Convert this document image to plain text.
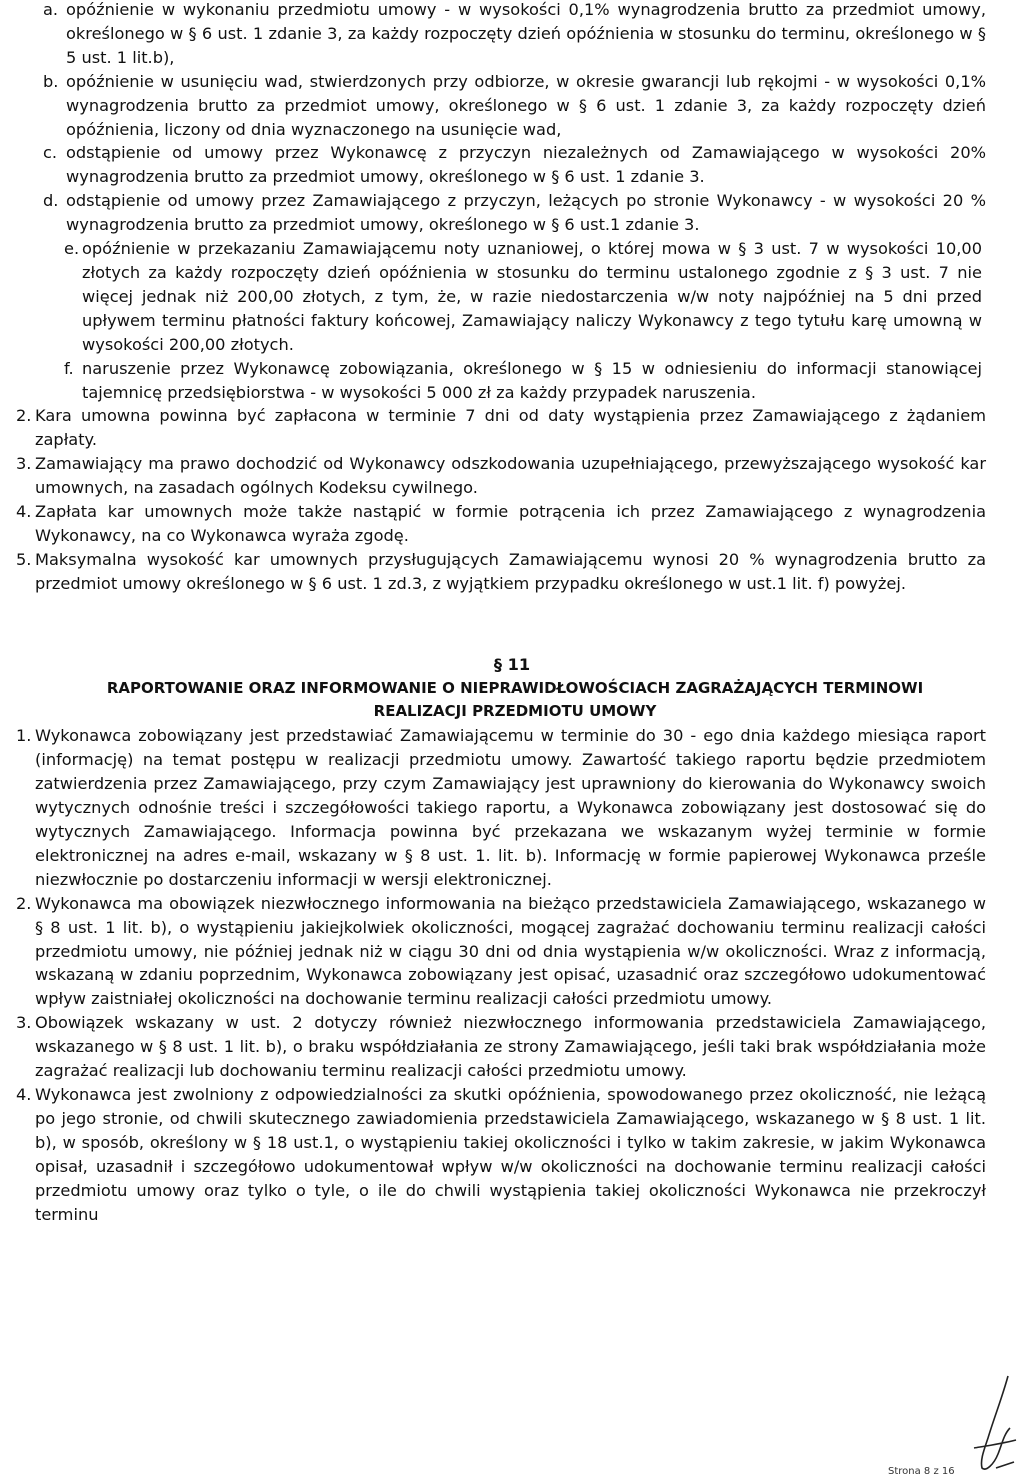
a. opóźnienie w wykonaniu przedmiotu umowy - w wysokości 0,1% wynagrodzenia brutto za przedmiot umowy, określonego w § 6 ust. 1 zdanie 3, za każdy rozpoczęty dzień opóźnienia w stosunku do terminu, określonego w § 5 ust. 1 lit.b),

b. opóźnienie w usunięciu wad, stwierdzonych przy odbiorze, w okresie gwarancji lub rękojmi - w wysokości 0,1% wynagrodzenia brutto za przedmiot umowy, określonego w § 6 ust. 1 zdanie 3, za każdy rozpoczęty dzień opóźnienia, liczony od dnia wyznaczonego na usunięcie wad,

c. odstąpienie od umowy przez Wykonawcę z przyczyn niezależnych od Zamawiającego w wysokości 20% wynagrodzenia brutto za przedmiot umowy, określonego w § 6 ust. 1 zdanie 3.

d. odstąpienie od umowy przez Zamawiającego z przyczyn, leżących po stronie Wykonawcy - w wysokości 20 % wynagrodzenia brutto za przedmiot umowy, określonego w § 6 ust.1 zdanie 3.

e. opóźnienie w przekazaniu Zamawiającemu noty uznaniowej, o której mowa w § 3 ust. 7 w wysokości 10,00 złotych za każdy rozpoczęty dzień opóźnienia w stosunku do terminu ustalonego zgodnie z § 3 ust. 7 nie więcej jednak niż 200,00 złotych, z tym, że, w razie niedostarczenia w/w noty najpóźniej na 5 dni przed upływem terminu płatności faktury końcowej, Zamawiający naliczy Wykonawcy z tego tytułu karę umowną w wysokości 200,00 złotych.

f. naruszenie przez Wykonawcę zobowiązania, określonego w § 15 w odniesieniu do informacji stanowiącej tajemnicę przedsiębiorstwa - w wysokości 5 000 zł za każdy przypadek naruszenia.

2. Kara umowna powinna być zapłacona w terminie 7 dni od daty wystąpienia przez Zamawiającego z żądaniem zapłaty.

3. Zamawiający ma prawo dochodzić od Wykonawcy odszkodowania uzupełniającego, przewyższającego wysokość kar umownych, na zasadach ogólnych Kodeksu cywilnego.

4. Zapłata kar umownych może także nastąpić w formie potrącenia ich przez Zamawiającego z wynagrodzenia Wykonawcy, na co Wykonawca wyraża zgodę.

5. Maksymalna wysokość kar umownych przysługujących Zamawiającemu wynosi 20 % wynagrodzenia brutto za przedmiot umowy określonego w § 6 ust. 1 zd.3, z wyjątkiem przypadku określonego w ust.1 lit. f) powyżej.

§ 11
RAPORTOWANIE ORAZ INFORMOWANIE O NIEPRAWIDŁOWOŚCIACH ZAGRAŻAJĄCYCH TERMINOWI
REALIZACJI PRZEDMIOTU UMOWY

1. Wykonawca zobowiązany jest przedstawiać Zamawiającemu w terminie do 30 - ego dnia każdego miesiąca raport (informację) na temat postępu w realizacji przedmiotu umowy. Zawartość takiego raportu będzie przedmiotem zatwierdzenia przez Zamawiającego, przy czym Zamawiający jest uprawniony do kierowania do Wykonawcy swoich wytycznych odnośnie treści i szczegółowości takiego raportu, a Wykonawca zobowiązany jest dostosować się do wytycznych Zamawiającego. Informacja powinna być przekazana we wskazanym wyżej terminie w formie elektronicznej na adres e-mail, wskazany w § 8 ust. 1. lit. b). Informację w formie papierowej Wykonawca prześle niezwłocznie po dostarczeniu informacji w wersji elektronicznej.

2. Wykonawca ma obowiązek niezwłocznego informowania na bieżąco przedstawiciela Zamawiającego, wskazanego w § 8 ust. 1 lit. b), o wystąpieniu jakiejkolwiek okoliczności, mogącej zagrażać dochowaniu terminu realizacji całości przedmiotu umowy, nie później jednak niż w ciągu 30 dni od dnia wystąpienia w/w okoliczności. Wraz z informacją, wskazaną w zdaniu poprzednim, Wykonawca zobowiązany jest opisać, uzasadnić oraz szczegółowo udokumentować wpływ zaistniałej okoliczności na dochowanie terminu realizacji całości przedmiotu umowy.

3. Obowiązek wskazany w ust. 2 dotyczy również niezwłocznego informowania przedstawiciela Zamawiającego, wskazanego w § 8 ust. 1 lit. b), o braku współdziałania ze strony Zamawiającego, jeśli taki brak współdziałania może zagrażać realizacji lub dochowaniu terminu realizacji całości przedmiotu umowy.

4. Wykonawca jest zwolniony z odpowiedzialności za skutki opóźnienia, spowodowanego przez okoliczność, nie leżącą po jego stronie, od chwili skutecznego zawiadomienia przedstawiciela Zamawiającego, wskazanego w § 8 ust. 1 lit. b), w sposób, określony w § 18 ust.1, o wystąpieniu takiej okoliczności i tylko w takim zakresie, w jakim Wykonawca opisał, uzasadnił i szczegółowo udokumentował wpływ w/w okoliczności na dochowanie terminu realizacji całości przedmiotu umowy oraz tylko o tyle, o ile do chwili wystąpienia takiej okoliczności Wykonawca nie przekroczył terminu

Strona 8 z 16
